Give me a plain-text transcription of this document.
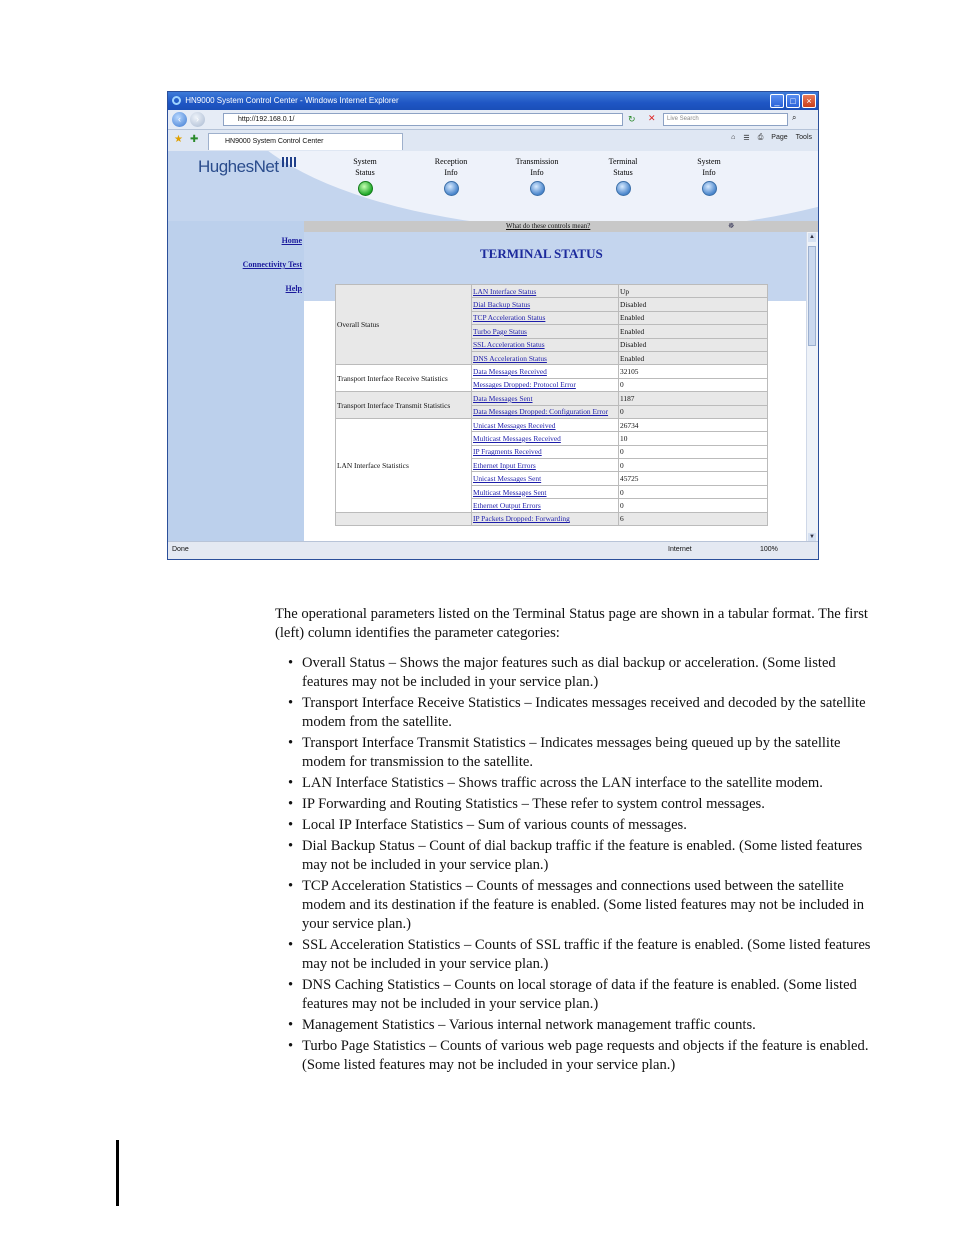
HN9000 System Control Center - Windows Internet Explorer	_	□	×
‹	›	http://192.168.0.1/	↻ ✕	Live Search	⌕
★ ✚	HN9000 System Control Center
⌂ ☰ ⎙ Page Tools
HughesNet	System
Status
Reception
Info
Transmission
Info
Terminal
Status
System
Info
Home
Connectivity Test
Help
What do these controls mean?	☸
TERMINAL STATUS
Overall Status	LAN Interface Status	Up
	Dial Backup Status	Disabled
	TCP Acceleration Status	Enabled
	Turbo Page Status	Enabled
	SSL Acceleration Status	Disabled
	DNS Acceleration Status	Enabled
Transport Interface Receive Statistics	Data Messages Received	32105
	Messages Dropped: Protocol Error	0
Transport Interface Transmit Statistics	Data Messages Sent	1187
	Data Messages Dropped: Configuration Error	0
LAN Interface Statistics	Unicast Messages Received	26734
	Multicast Messages Received	10
	IP Fragments Received	0
	Ethernet Input Errors	0
	Unicast Messages Sent	45725
	Multicast Messages Sent	0
	Ethernet Output Errors	0
	IP Packets Dropped: Forwarding	6
▲
▼
Done	Internet	100%

The operational parameters listed on the Terminal Status page are shown in a tabular format. The first (left) column identifies the parameter categories:

• Overall Status – Shows the major features such as dial backup or acceleration. (Some listed features may not be included in your service plan.)
• Transport Interface Receive Statistics – Indicates messages received and decoded by the satellite modem from the satellite.
• Transport Interface Transmit Statistics – Indicates messages being queued up by the satellite modem for transmission to the satellite.
• LAN Interface Statistics – Shows traffic across the LAN interface to the satellite modem.
• IP Forwarding and Routing Statistics – These refer to system control messages.
• Local IP Interface Statistics – Sum of various counts of messages.
• Dial Backup Status – Count of dial backup traffic if the feature is enabled. (Some listed features may not be included in your service plan.)
• TCP Acceleration Statistics – Counts of messages and connections used between the satellite modem and its destination if the feature is enabled. (Some listed features may not be included in your service plan.)
• SSL Acceleration Statistics – Counts of SSL traffic if the feature is enabled. (Some listed features may not be included in your service plan.)
• DNS Caching Statistics – Counts on local storage of data if the feature is enabled. (Some listed features may not be included in your service plan.)
• Management Statistics – Various internal network management traffic counts.
• Turbo Page Statistics – Counts of various web page requests and objects if the feature is enabled. (Some listed features may not be included in your service plan.)
